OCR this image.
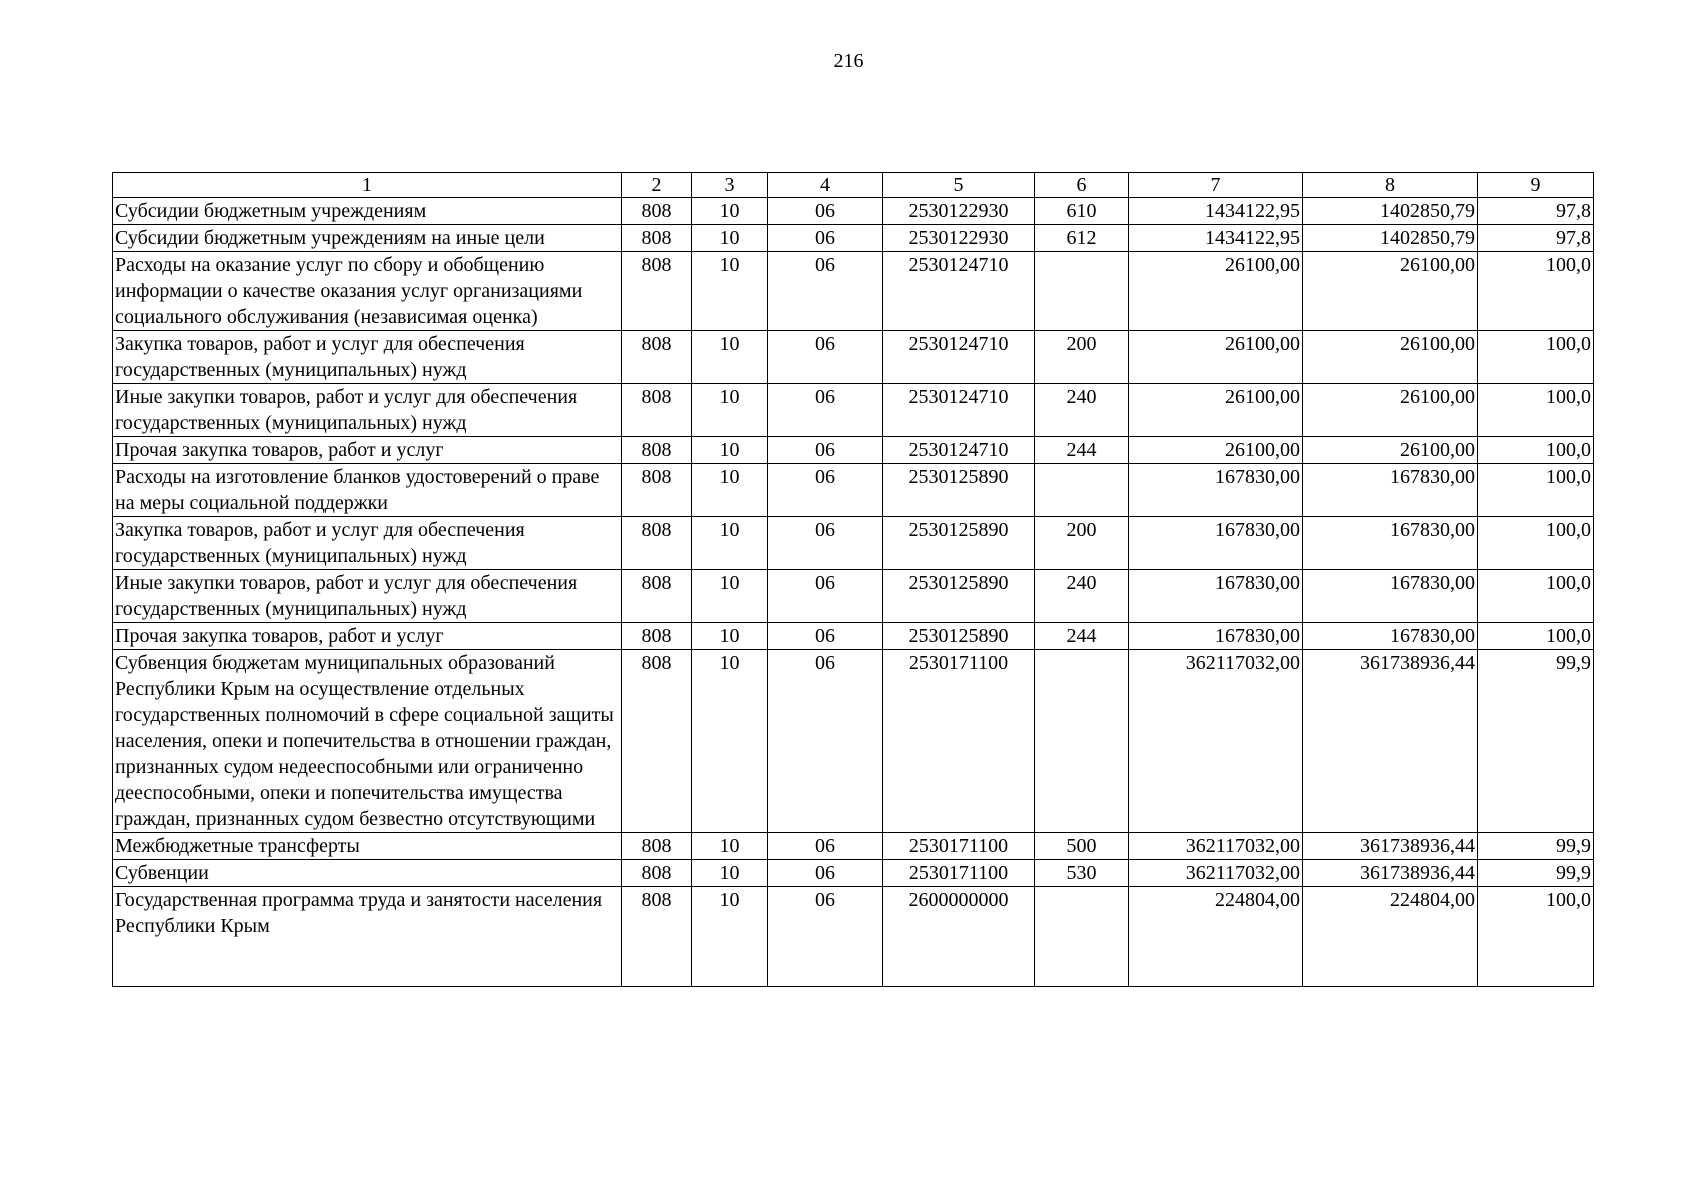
216
1	2	3	4	5	6	7	8	9
Субсидии бюджетным учреждениям	808	10	06	2530122930	610	1434122,95	1402850,79	97,8
Субсидии бюджетным учреждениям на иные цели	808	10	06	2530122930	612	1434122,95	1402850,79	97,8
Расходы на оказание услуг по сбору и обобщению информации о качестве оказания услуг организациями социального обслуживания (независимая оценка)	808	10	06	2530124710		26100,00	26100,00	100,0
Закупка товаров, работ и услуг для обеспечения государственных (муниципальных) нужд	808	10	06	2530124710	200	26100,00	26100,00	100,0
Иные закупки товаров, работ и услуг для обеспечения государственных (муниципальных) нужд	808	10	06	2530124710	240	26100,00	26100,00	100,0
Прочая закупка товаров, работ и услуг	808	10	06	2530124710	244	26100,00	26100,00	100,0
Расходы на изготовление бланков удостоверений о праве на меры социальной поддержки	808	10	06	2530125890		167830,00	167830,00	100,0
Закупка товаров, работ и услуг для обеспечения государственных (муниципальных) нужд	808	10	06	2530125890	200	167830,00	167830,00	100,0
Иные закупки товаров, работ и услуг для обеспечения государственных (муниципальных) нужд	808	10	06	2530125890	240	167830,00	167830,00	100,0
Прочая закупка товаров, работ и услуг	808	10	06	2530125890	244	167830,00	167830,00	100,0
Субвенция бюджетам муниципальных образований Республики Крым на осуществление отдельных государственных полномочий в сфере социальной защиты населения, опеки и попечительства в отношении граждан, признанных судом недееспособными или ограниченно дееспособными, опеки и попечительства имущества граждан, признанных судом безвестно отсутствующими	808	10	06	2530171100		362117032,00	361738936,44	99,9
Межбюджетные трансферты	808	10	06	2530171100	500	362117032,00	361738936,44	99,9
Субвенции	808	10	06	2530171100	530	362117032,00	361738936,44	99,9
Государственная программа труда и занятости населения Республики Крым	808	10	06	2600000000		224804,00	224804,00	100,0
